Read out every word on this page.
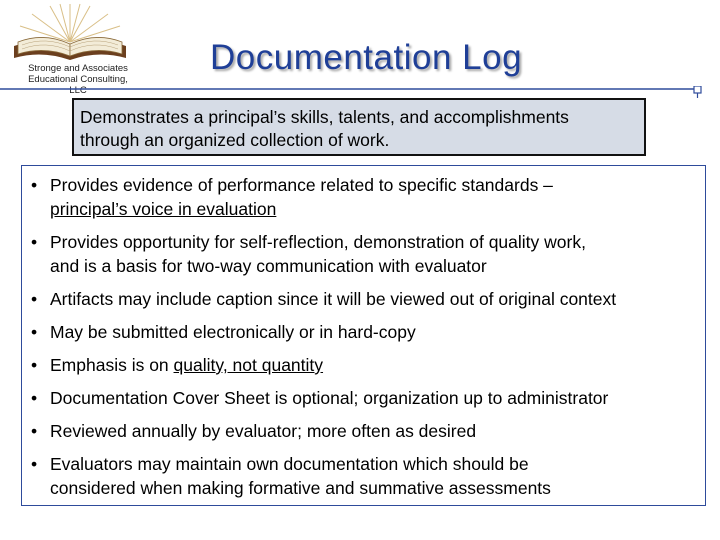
Stronge and Associates
Educational Consulting,
LLC
Documentation Log
Demonstrates a principal’s skills, talents, and accomplishments
through an organized collection of work.
• Provides evidence of performance related to specific standards –
principal’s voice in evaluation
• Provides opportunity for self-reflection, demonstration of quality work,
and is a basis for two-way communication with evaluator
• Artifacts may include caption since it will be viewed out of original context
• May be submitted electronically or in hard-copy
• Emphasis is on quality, not quantity
• Documentation Cover Sheet is optional; organization up to administrator
• Reviewed annually by evaluator; more often as desired
• Evaluators may maintain own documentation which should be
considered when making formative and summative assessments
